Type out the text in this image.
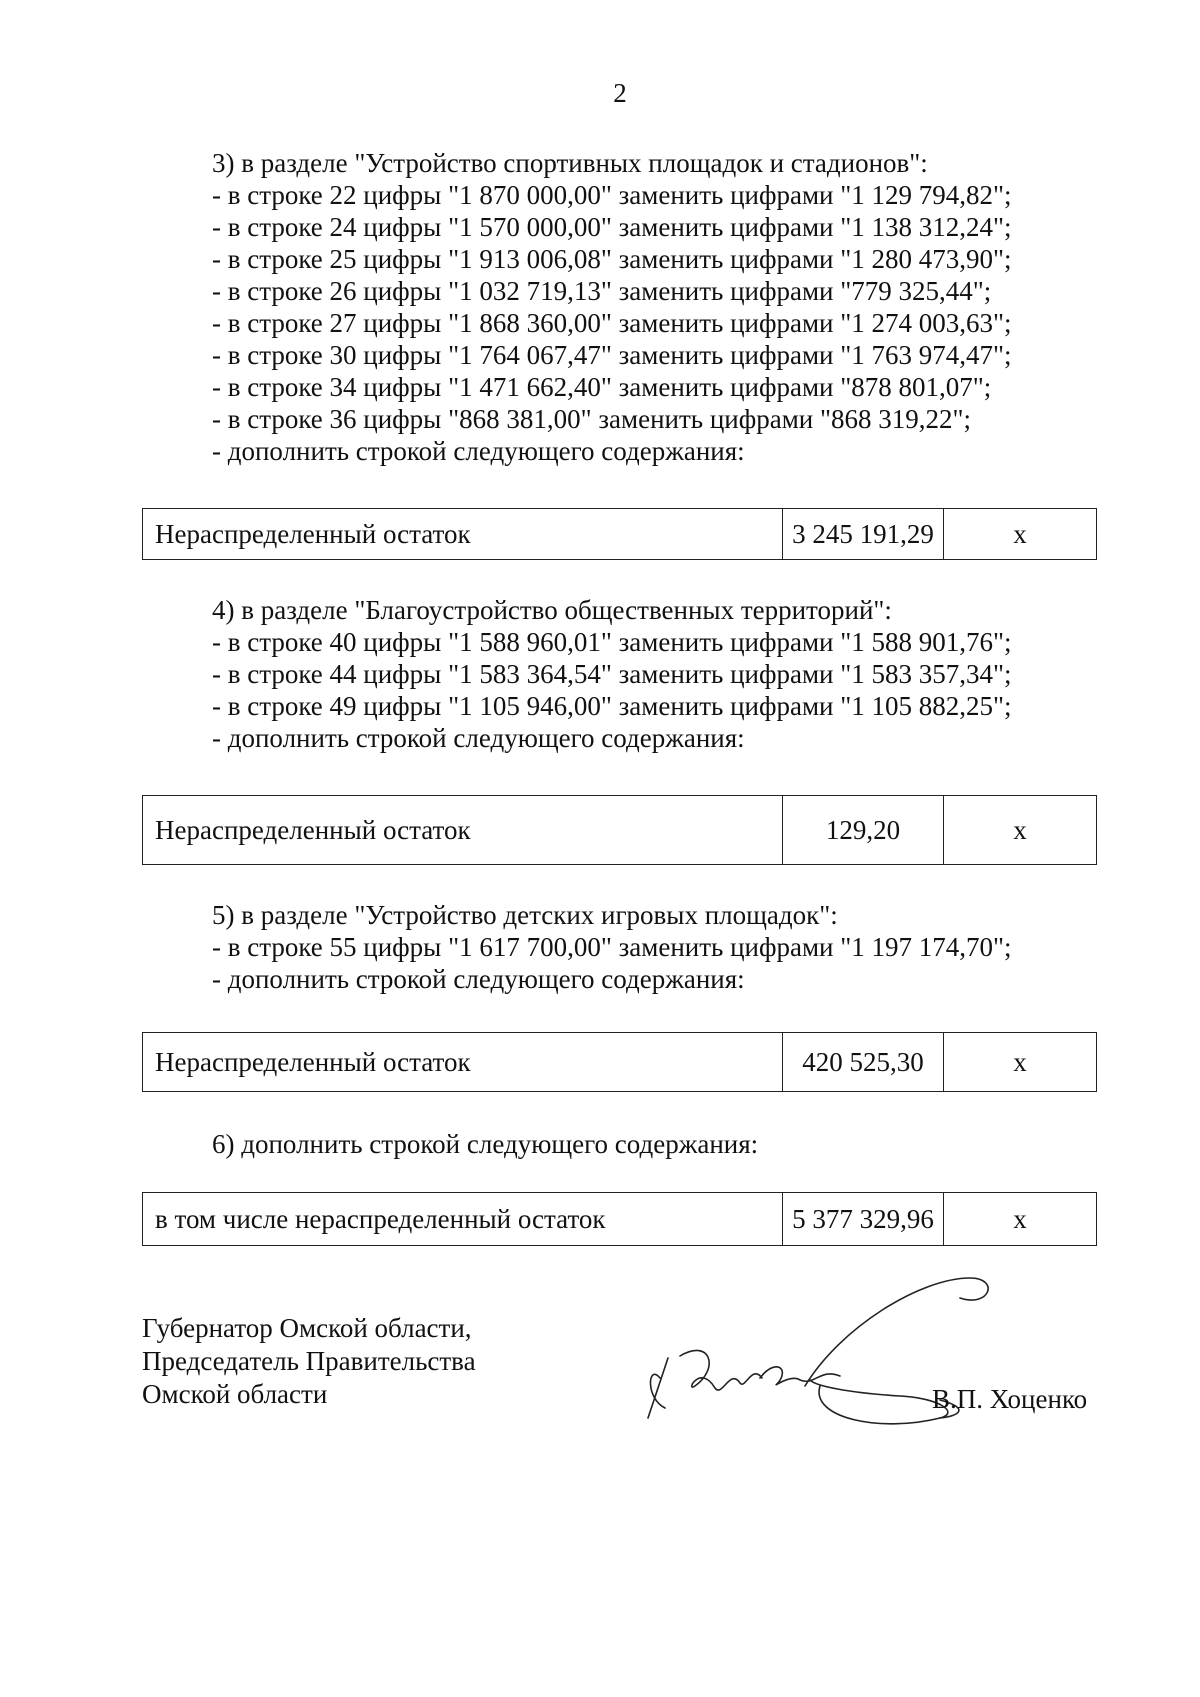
2
3) в разделе "Устройство спортивных площадок и стадионов":
- в строке 22 цифры "1 870 000,00" заменить цифрами "1 129 794,82";
- в строке 24 цифры "1 570 000,00" заменить цифрами "1 138 312,24";
- в строке 25 цифры "1 913 006,08" заменить цифрами "1 280 473,90";
- в строке 26 цифры "1 032 719,13" заменить цифрами "779 325,44";
- в строке 27 цифры "1 868 360,00" заменить цифрами "1 274 003,63";
- в строке 30 цифры "1 764 067,47" заменить цифрами "1 763 974,47";
- в строке 34 цифры "1 471 662,40" заменить цифрами "878 801,07";
- в строке 36 цифры "868 381,00" заменить цифрами "868 319,22";
- дополнить строкой следующего содержания:
Нераспределенный остаток	3 245 191,29	x
4) в разделе "Благоустройство общественных территорий":
- в строке 40 цифры "1 588 960,01" заменить цифрами "1 588 901,76";
- в строке 44 цифры "1 583 364,54" заменить цифрами "1 583 357,34";
- в строке 49 цифры "1 105 946,00" заменить цифрами "1 105 882,25";
- дополнить строкой следующего содержания:
Нераспределенный остаток	129,20	x
5) в разделе "Устройство детских игровых площадок":
- в строке 55 цифры "1 617 700,00" заменить цифрами "1 197 174,70";
- дополнить строкой следующего содержания:
Нераспределенный остаток	420 525,30	x
6) дополнить строкой следующего содержания:
в том числе нераспределенный остаток	5 377 329,96	x
Губернатор Омской области,
Председатель Правительства
Омской области	В.П. Хоценко
